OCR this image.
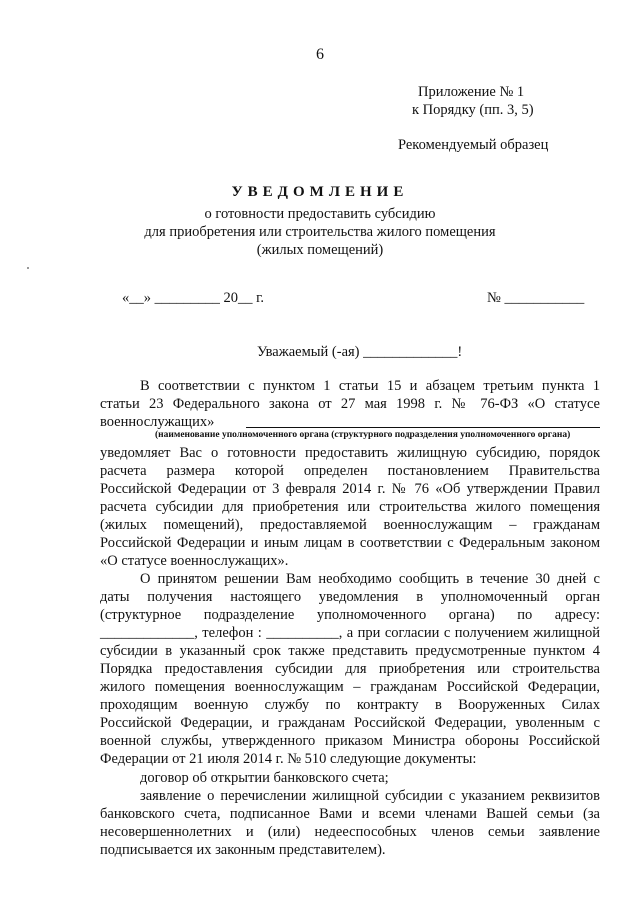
6
Приложение № 1
к Порядку (пп. 3, 5)
Рекомендуемый образец
УВЕДОМЛЕНИЕ
о готовности предоставить субсидию
для приобретения или строительства жилого помещения
(жилых помещений)
«__» _________ 20__ г.	№ ___________
Уважаемый (-ая) _____________!
В соответствии с пунктом 1 статьи 15 и абзацем третьим пункта 1
статьи 23 Федерального закона от 27 мая 1998 г. № 76-ФЗ «О статусе
военнослужащих»
(наименование уполномоченного органа (структурного подразделения уполномоченного органа)
уведомляет Вас о готовности предоставить жилищную субсидию, порядок
расчета размера которой определен постановлением Правительства
Российской Федерации от 3 февраля 2014 г. № 76 «Об утверждении Правил
расчета субсидии для приобретения или строительства жилого помещения
(жилых помещений), предоставляемой военнослужащим – гражданам
Российской Федерации и иным лицам в соответствии с Федеральным законом
«О статусе военнослужащих».
О принятом решении Вам необходимо сообщить в течение 30 дней с
даты получения настоящего уведомления в уполномоченный орган
(структурное подразделение уполномоченного органа) по адресу:
_____________, телефон : __________, а при согласии с получением жилищной
субсидии в указанный срок также представить предусмотренные пунктом 4
Порядка предоставления субсидии для приобретения или строительства
жилого помещения военнослужащим – гражданам Российской Федерации,
проходящим военную службу по контракту в Вооруженных Силах
Российской Федерации, и гражданам Российской Федерации, уволенным с
военной службы, утвержденного приказом Министра обороны Российской
Федерации от 21 июля 2014 г. № 510 следующие документы:
договор об открытии банковского счета;
заявление о перечислении жилищной субсидии с указанием реквизитов
банковского счета, подписанное Вами и всеми членами Вашей семьи (за
несовершеннолетних и (или) недееспособных членов семьи заявление
подписывается их законным представителем).
